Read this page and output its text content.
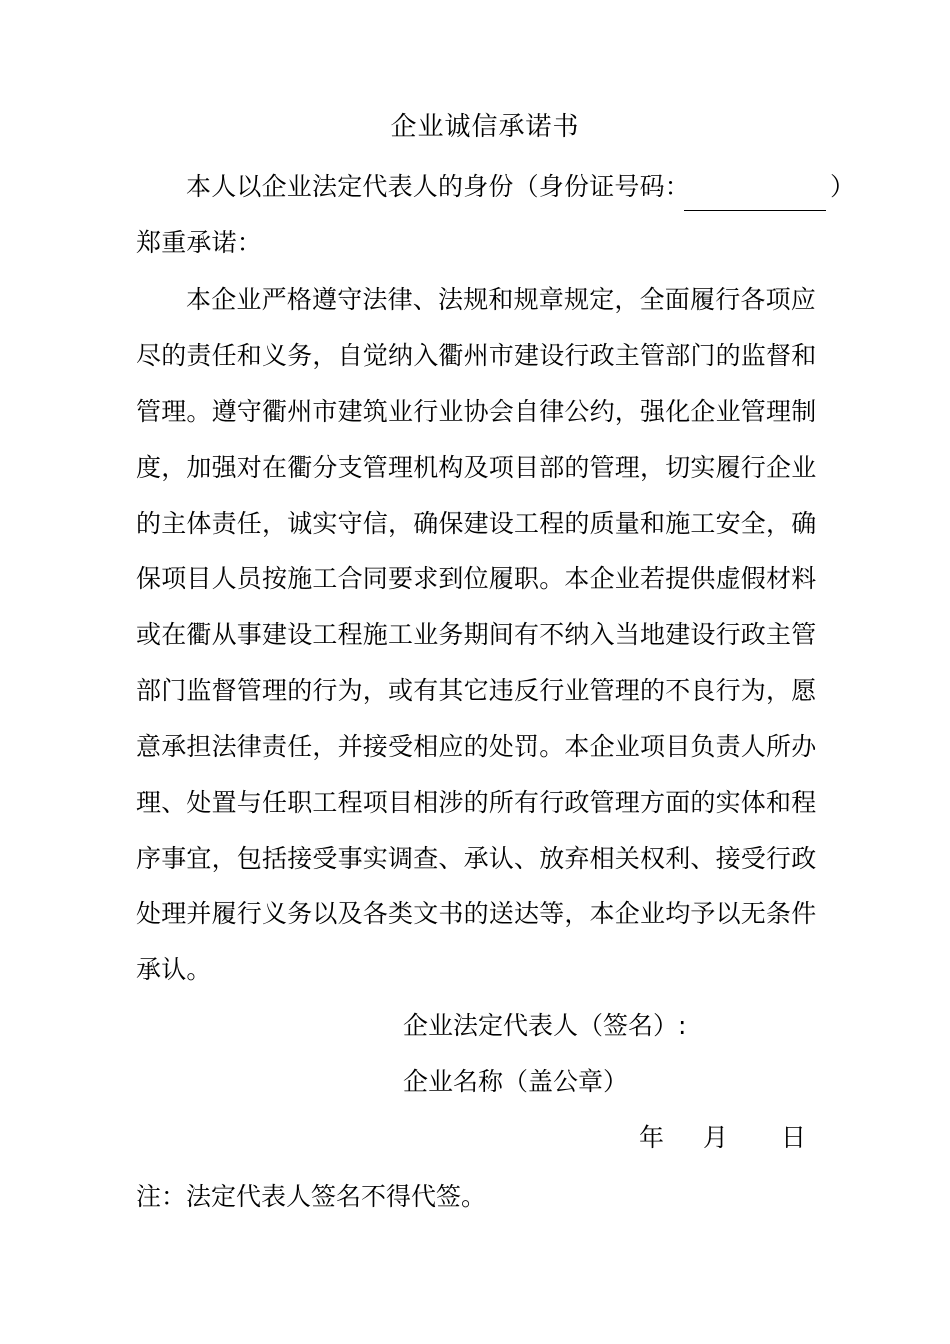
企业诚信承诺书
本人以企业法定代表人的身份（身份证号码：	）
郑重承诺：
本企业严格遵守法律、法规和规章规定，全面履行各项应
尽的责任和义务，自觉纳入衢州市建设行政主管部门的监督和
管理。遵守衢州市建筑业行业协会自律公约，强化企业管理制
度，加强对在衢分支管理机构及项目部的管理，切实履行企业
的主体责任，诚实守信，确保建设工程的质量和施工安全，确
保项目人员按施工合同要求到位履职。本企业若提供虚假材料
或在衢从事建设工程施工业务期间有不纳入当地建设行政主管
部门监督管理的行为，或有其它违反行业管理的不良行为，愿
意承担法律责任，并接受相应的处罚。本企业项目负责人所办
理、处置与任职工程项目相涉的所有行政管理方面的实体和程
序事宜，包括接受事实调查、承认、放弃相关权利、接受行政
处理并履行义务以及各类文书的送达等，本企业均予以无条件
承认。
企业法定代表人（签名）:
企业名称（盖公章）
年 月 日
注：法定代表人签名不得代签。
